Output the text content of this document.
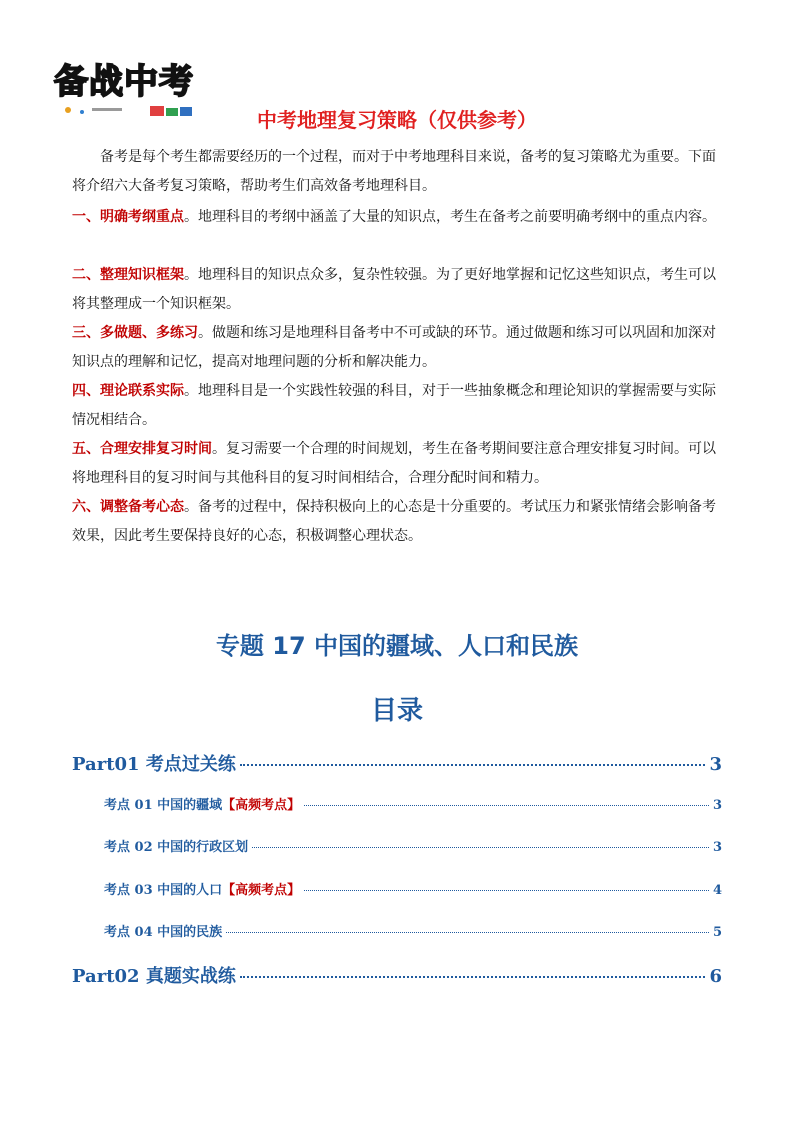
备战中考
中考地理复习策略（仅供参考）
备考是每个考生都需要经历的一个过程，而对于中考地理科目来说，备考的复习策略尤为重要。下面将介绍六大备考复习策略，帮助考生们高效备考地理科目。
一、明确考纲重点。地理科目的考纲中涵盖了大量的知识点，考生在备考之前要明确考纲中的重点内容。
二、整理知识框架。地理科目的知识点众多，复杂性较强。为了更好地掌握和记忆这些知识点，考生可以将其整理成一个知识框架。
三、多做题、多练习。做题和练习是地理科目备考中不可或缺的环节。通过做题和练习可以巩固和加深对知识点的理解和记忆，提高对地理问题的分析和解决能力。
四、理论联系实际。地理科目是一个实践性较强的科目，对于一些抽象概念和理论知识的掌握需要与实际情况相结合。
五、合理安排复习时间。复习需要一个合理的时间规划，考生在备考期间要注意合理安排复习时间。可以将地理科目的复习时间与其他科目的复习时间相结合，合理分配时间和精力。
六、调整备考心态。备考的过程中，保持积极向上的心态是十分重要的。考试压力和紧张情绪会影响备考效果，因此考生要保持良好的心态，积极调整心理状态。
专题 17 中国的疆域、人口和民族
目录
Part01 考点过关练	3
考点 01 中国的疆域【高频考点】	3
考点 02 中国的行政区划	3
考点 03 中国的人口【高频考点】	4
考点 04 中国的民族	5
Part02 真题实战练	6
